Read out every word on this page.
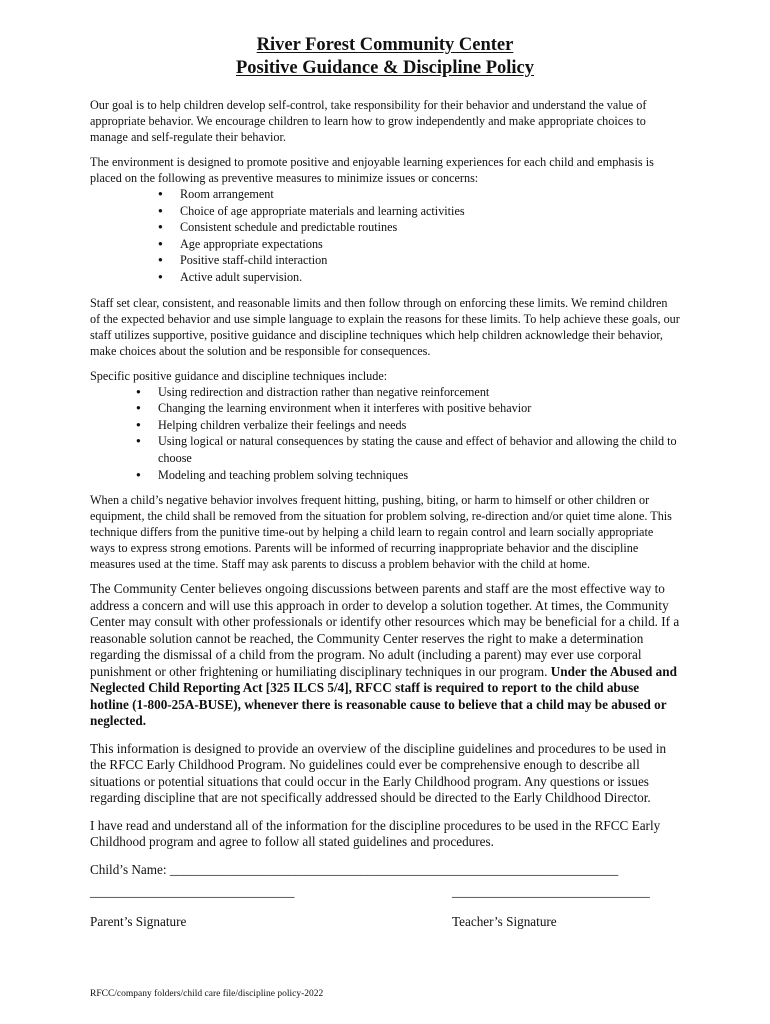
River Forest Community Center
Positive Guidance & Discipline Policy

Our goal is to help children develop self-control, take responsibility for their behavior and understand the value of appropriate behavior. We encourage children to learn how to grow independently and make appropriate choices to manage and self-regulate their behavior.

The environment is designed to promote positive and enjoyable learning experiences for each child and emphasis is placed on the following as preventive measures to minimize issues or concerns:

● Room arrangement
● Choice of age appropriate materials and learning activities
● Consistent schedule and predictable routines
● Age appropriate expectations
● Positive staff-child interaction
● Active adult supervision.

Staff set clear, consistent, and reasonable limits and then follow through on enforcing these limits. We remind children of the expected behavior and use simple language to explain the reasons for these limits. To help achieve these goals, our staff utilizes supportive, positive guidance and discipline techniques which help children acknowledge their behavior, make choices about the solution and be responsible for consequences.

Specific positive guidance and discipline techniques include:

● Using redirection and distraction rather than negative reinforcement
● Changing the learning environment when it interferes with positive behavior
● Helping children verbalize their feelings and needs
● Using logical or natural consequences by stating the cause and effect of behavior and allowing the child to choose
● Modeling and teaching problem solving techniques

When a child’s negative behavior involves frequent hitting, pushing, biting, or harm to himself or other children or equipment, the child shall be removed from the situation for problem solving, re-direction and/or quiet time alone. This technique differs from the punitive time-out by helping a child learn to regain control and learn socially appropriate ways to express strong emotions. Parents will be informed of recurring inappropriate behavior and the discipline measures used at the time. Staff may ask parents to discuss a problem behavior with the child at home.

The Community Center believes ongoing discussions between parents and staff are the most effective way to address a concern and will use this approach in order to develop a solution together. At times, the Community Center may consult with other professionals or identify other resources which may be beneficial for a child. If a reasonable solution cannot be reached, the Community Center reserves the right to make a determination regarding the dismissal of a child from the program. No adult (including a parent) may ever use corporal punishment or other frightening or humiliating disciplinary techniques in our program. Under the Abused and Neglected Child Reporting Act [325 ILCS 5/4], RFCC staff is required to report to the child abuse hotline (1-800-25A-BUSE), whenever there is reasonable cause to believe that a child may be abused or neglected.

This information is designed to provide an overview of the discipline guidelines and procedures to be used in the RFCC Early Childhood Program. No guidelines could ever be comprehensive enough to describe all situations or potential situations that could occur in the Early Childhood program. Any questions or issues regarding discipline that are not specifically addressed should be directed to the Early Childhood Director.

I have read and understand all of the information for the discipline procedures to be used in the RFCC Early Childhood program and agree to follow all stated guidelines and procedures.

Child’s Name: ____________________________________________________________________
_______________________________
Parent’s Signature
______________________________
Teacher’s Signature
RFCC/company folders/child care file/discipline policy-2022
